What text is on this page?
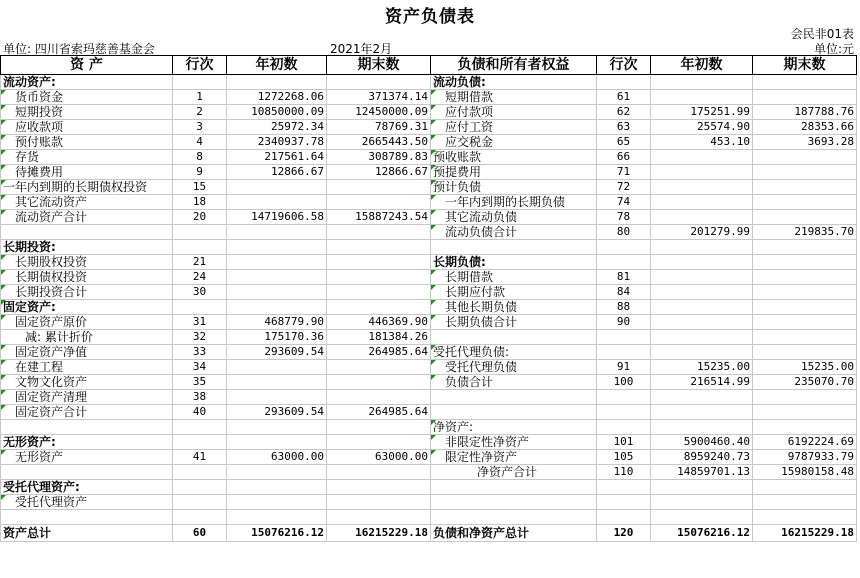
资产负债表
会民非01表
单位: 四川省索玛慈善基金会	2021年2月	单位:元
资 产	行次	年初数	期末数	负债和所有者权益	行次	年初数	期末数
流动资产:				流动负债:			
货币资金	1	1272268.06	371374.14	短期借款	61		
短期投资	2	10850000.09	12450000.09	应付款项	62	175251.99	187788.76
应收款项	3	25972.34	78769.31	应付工资	63	25574.90	28353.66
预付账款	4	2340937.78	2665443.50	应交税金	65	453.10	3693.28
存货	8	217561.64	308789.83	预收账款	66		
待摊费用	9	12866.67	12866.67	预提费用	71		
一年内到期的长期债权投资	15			预计负债	72		
其它流动资产	18			一年内到期的长期负债	74		
流动资产合计	20	14719606.58	15887243.54	其它流动负债	78		
				流动负债合计	80	201279.99	219835.70
长期投资:							
长期股权投资	21			长期负债:			
长期债权投资	24			长期借款	81		
长期投资合计	30			长期应付款	84		
固定资产:				其他长期负债	88		
固定资产原价	31	468779.90	446369.90	长期负债合计	90		
减: 累计折价	32	175170.36	181384.26				
固定资产净值	33	293609.54	264985.64	受托代理负债:			
在建工程	34			受托代理负债	91	15235.00	15235.00
文物文化资产	35			负债合计	100	216514.99	235070.70
固定资产清理	38						
固定资产合计	40	293609.54	264985.64				
				净资产:			
无形资产:				非限定性净资产	101	5900460.40	6192224.69
无形资产	41	63000.00	63000.00	限定性净资产	105	8959240.73	9787933.79
				净资产合计	110	14859701.13	15980158.48
受托代理资产:							
受托代理资产							

资产总计	60	15076216.12	16215229.18	负债和净资产总计	120	15076216.12	16215229.18
